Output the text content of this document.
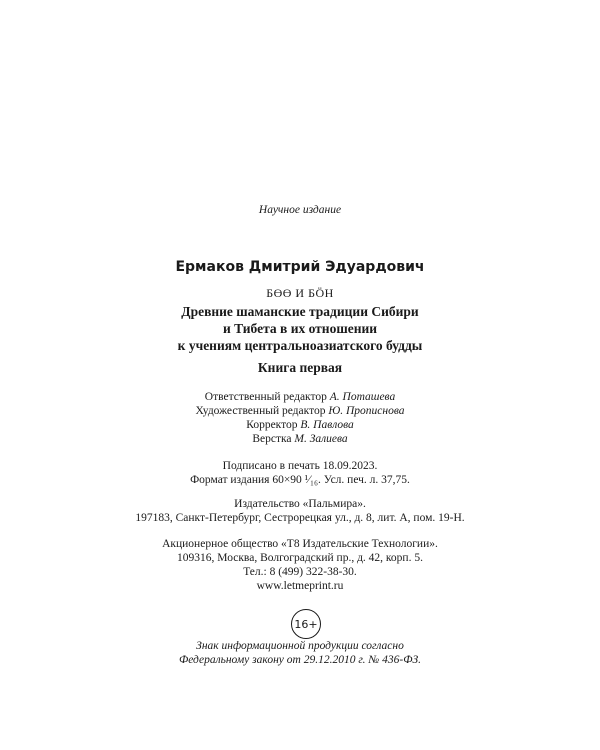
Научное издание
Ермаков Дмитрий Эдуардович
БӨӨ И БӦН
Древние шаманские традиции Сибири
и Тибета в их отношении
к учениям центральноазиатского будды
Книга первая
Ответственный редактор А. Поташева
Художественный редактор Ю. Прописнова
Корректор В. Павлова
Верстка М. Залиева
Подписано в печать 18.09.2023.
Формат издания 60×90 ¹⁄₁₆. Усл. печ. л. 37,75.
Издательство «Пальмира».
197183, Санкт-Петербург, Сестрорецкая ул., д. 8, лит. А, пом. 19-Н.
Акционерное общество «Т8 Издательские Технологии».
109316, Москва, Волгоградский пр., д. 42, корп. 5.
Тел.: 8 (499) 322-38-30.
www.letmeprint.ru
16+
Знак информационной продукции согласно
Федеральному закону от 29.12.2010 г. № 436-ФЗ.
